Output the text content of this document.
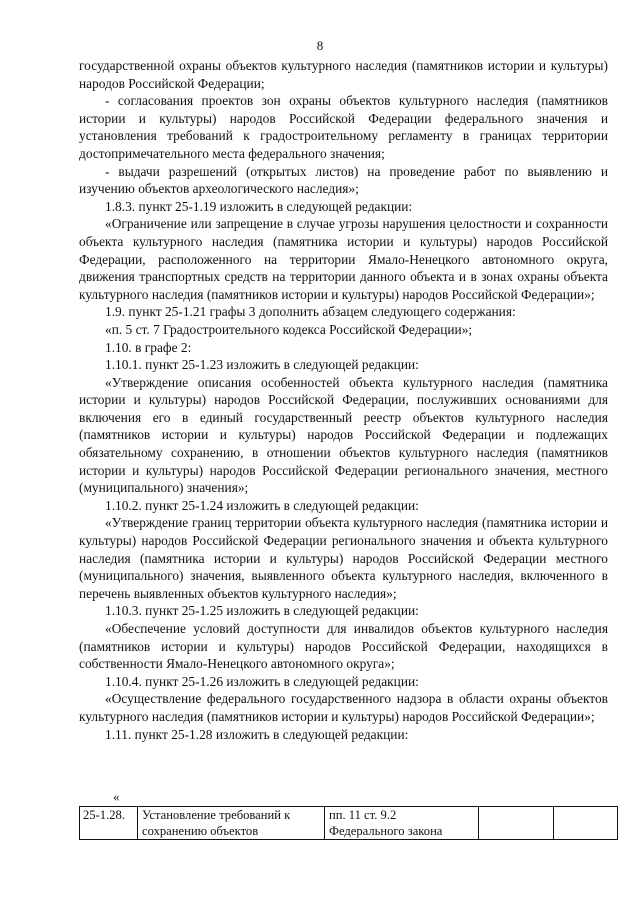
8

государственной охраны объектов культурного наследия (памятников истории и культуры) народов Российской Федерации;

- согласования проектов зон охраны объектов культурного наследия (памятников истории и культуры) народов Российской Федерации федерального значения и установления требований к градостроительному регламенту в границах территории достопримечательного места федерального значения;

- выдачи разрешений (открытых листов) на проведение работ по выявлению и изучению объектов археологического наследия»;

1.8.3. пункт 25-1.19 изложить в следующей редакции:

«Ограничение или запрещение в случае угрозы нарушения целостности и сохранности объекта культурного наследия (памятника истории и культуры) народов Российской Федерации, расположенного на территории Ямало-Ненецкого автономного округа, движения транспортных средств на территории данного объекта и в зонах охраны объекта культурного наследия (памятников истории и культуры) народов Российской Федерации»;

1.9. пункт 25-1.21 графы 3 дополнить абзацем следующего содержания:

«п. 5 ст. 7 Градостроительного кодекса Российской Федерации»;

1.10. в графе 2:

1.10.1. пункт 25-1.23 изложить в следующей редакции:

«Утверждение описания особенностей объекта культурного наследия (памятника истории и культуры) народов Российской Федерации, послуживших основаниями для включения его в единый государственный реестр объектов культурного наследия (памятников истории и культуры) народов Российской Федерации и подлежащих обязательному сохранению, в отношении объектов культурного наследия (памятников истории и культуры) народов Российской Федерации регионального значения, местного (муниципального) значения»;

1.10.2. пункт 25-1.24 изложить в следующей редакции:

«Утверждение границ территории объекта культурного наследия (памятника истории и культуры) народов Российской Федерации регионального значения и объекта культурного наследия (памятника истории и культуры) народов Российской Федерации местного (муниципального) значения, выявленного объекта культурного наследия, включенного в перечень выявленных объектов культурного наследия»;

1.10.3. пункт 25-1.25 изложить в следующей редакции:

«Обеспечение условий доступности для инвалидов объектов культурного наследия (памятников истории и культуры) народов Российской Федерации, находящихся в собственности Ямало-Ненецкого автономного округа»;

1.10.4. пункт 25-1.26 изложить в следующей редакции:

«Осуществление федерального государственного надзора в области охраны объектов культурного наследия (памятников истории и культуры) народов Российской Федерации»;

1.11. пункт 25-1.28 изложить в следующей редакции:

«
25-1.28.	Установление требований к сохранению объектов	пп. 11 ст. 9.2 Федерального закона		
